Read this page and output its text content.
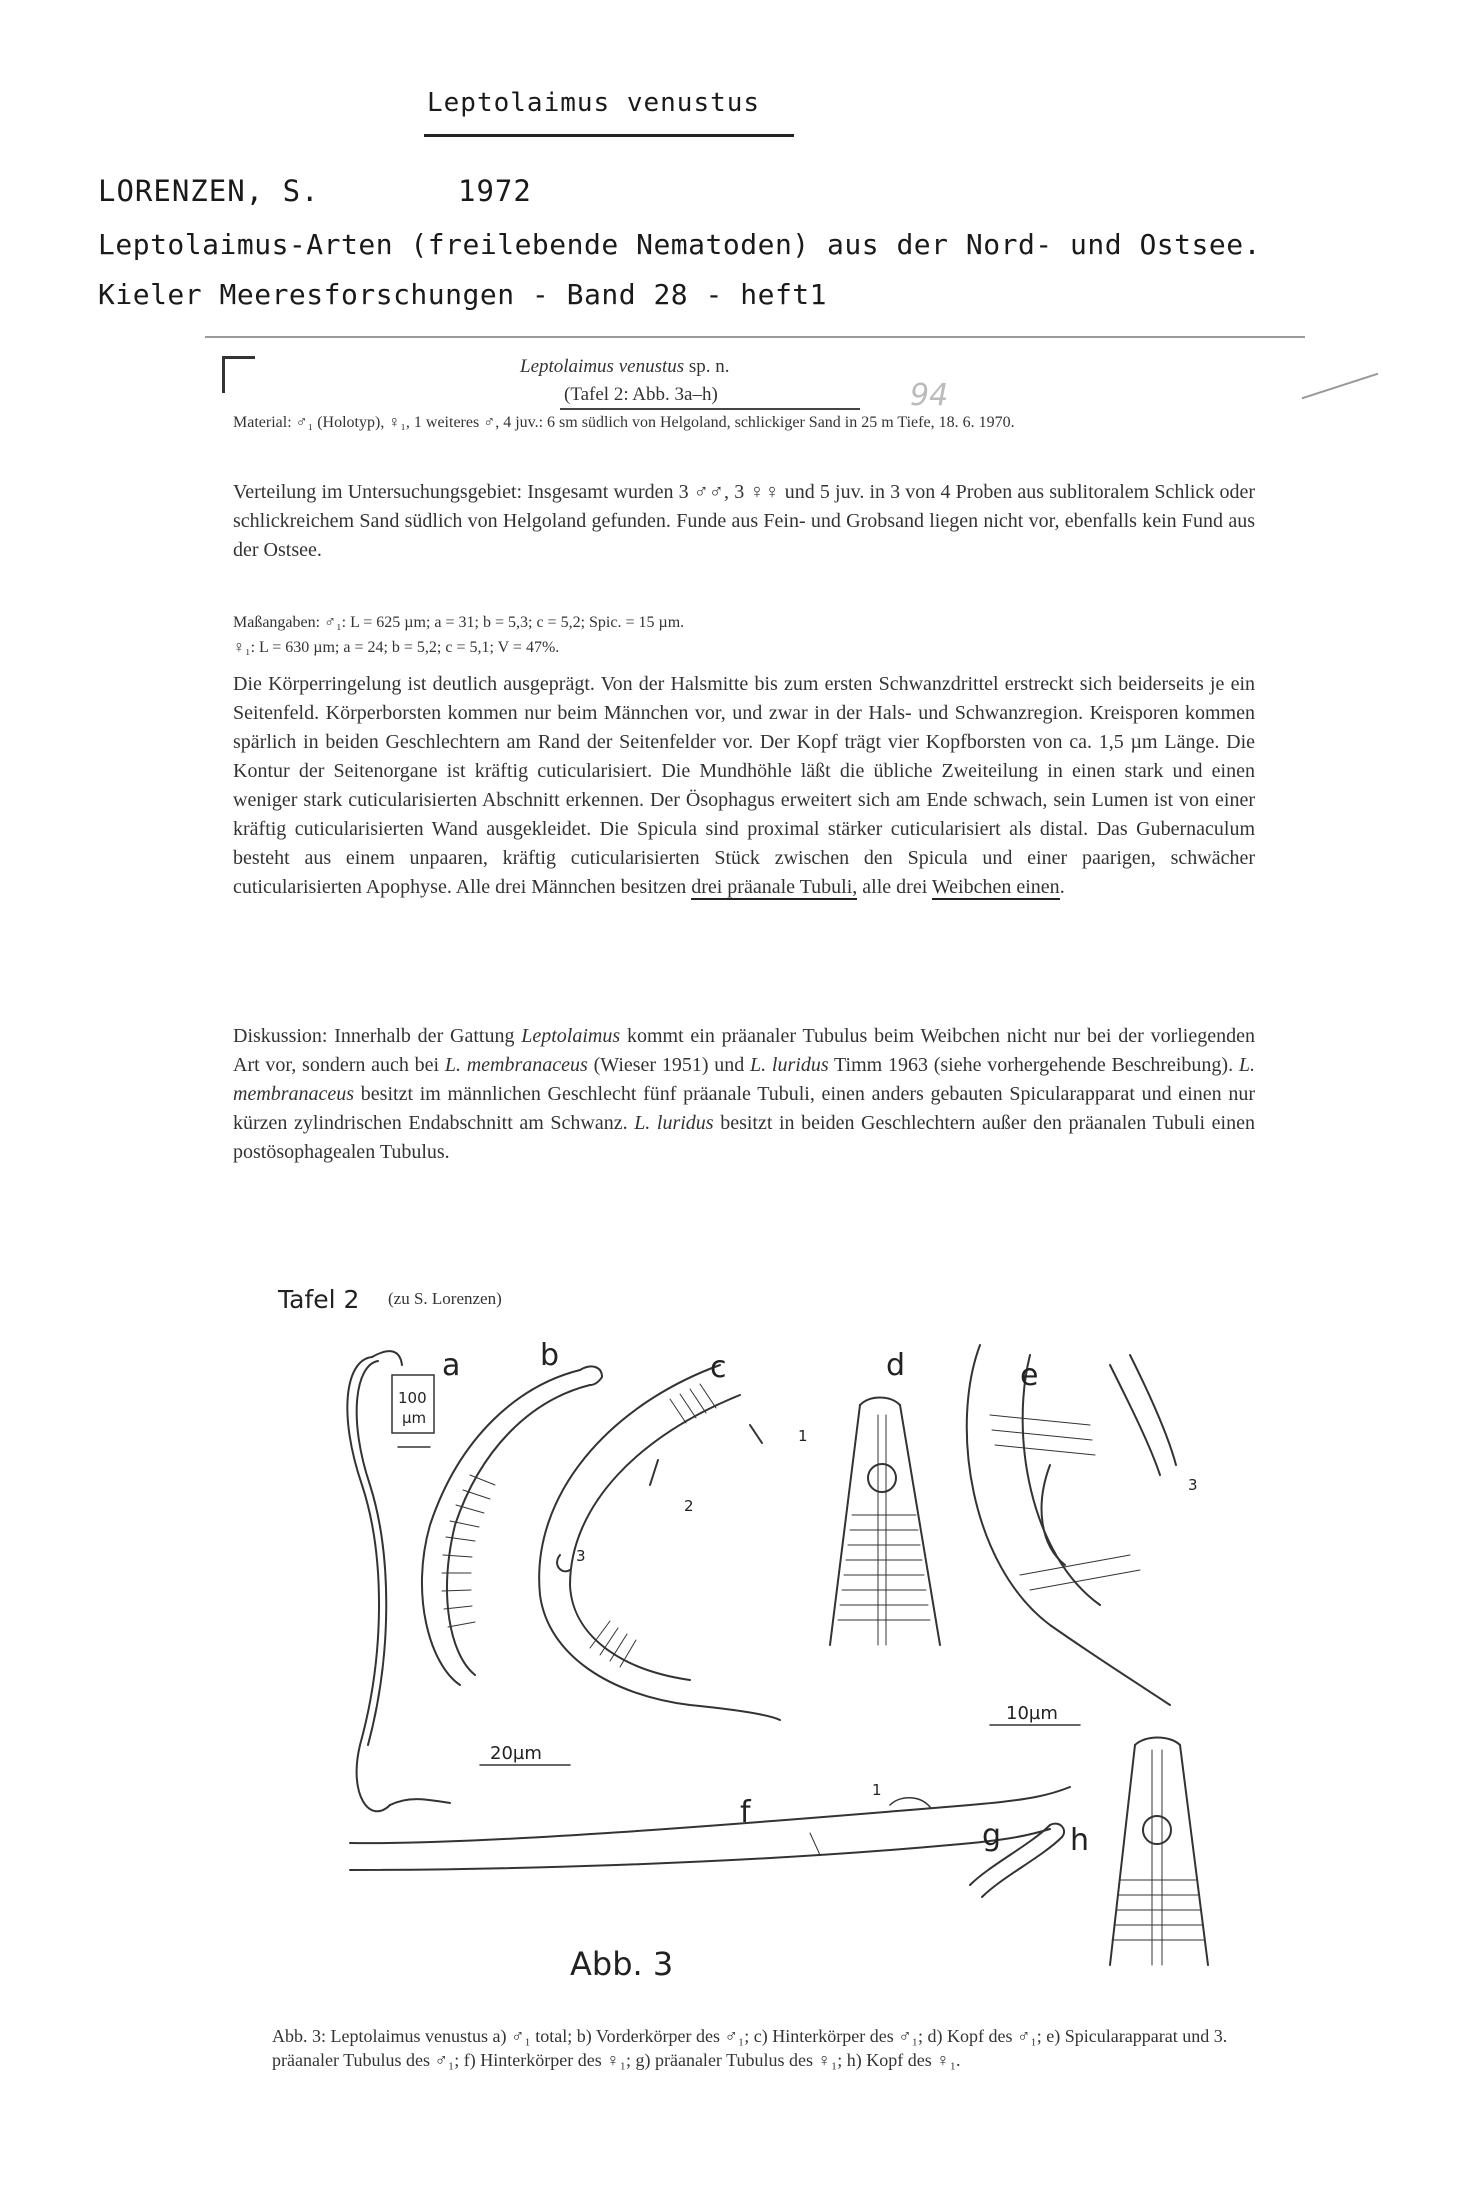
Leptolaimus venustus
LORENZEN, S.	1972
Leptolaimus-Arten (freilebende Nematoden) aus der Nord- und Ostsee.
Kieler Meeresforschungen - Band 28 - heft1
Leptolaimus venustus sp. n.
(Tafel 2: Abb. 3a–h)	94
Material: ♂₁ (Holotyp), ♀₁, 1 weiteres ♂, 4 juv.: 6 sm südlich von Helgoland, schlickiger Sand in 25 m Tiefe, 18. 6. 1970.
Verteilung im Untersuchungsgebiet: Insgesamt wurden 3 ♂♂, 3 ♀♀ und 5 juv. in 3 von 4 Proben aus sublitoralem Schlick oder schlickreichem Sand südlich von Helgoland gefunden. Funde aus Fein- und Grobsand liegen nicht vor, ebenfalls kein Fund aus der Ostsee.
Maßangaben: ♂₁: L = 625 µm; a = 31; b = 5,3; c = 5,2; Spic. = 15 µm.
♀₁: L = 630 µm; a = 24; b = 5,2; c = 5,1; V = 47%.
Die Körperringelung ist deutlich ausgeprägt. Von der Halsmitte bis zum ersten Schwanzdrittel erstreckt sich beiderseits je ein Seitenfeld. Körperborsten kommen nur beim Männchen vor, und zwar in der Hals- und Schwanzregion. Kreisporen kommen spärlich in beiden Geschlechtern am Rand der Seitenfelder vor. Der Kopf trägt vier Kopfborsten von ca. 1,5 µm Länge. Die Kontur der Seitenorgane ist kräftig cuticularisiert. Die Mundhöhle läßt die übliche Zweiteilung in einen stark und einen weniger stark cuticularisierten Abschnitt erkennen. Der Ösophagus erweitert sich am Ende schwach, sein Lumen ist von einer kräftig cuticularisierten Wand ausgekleidet. Die Spicula sind proximal stärker cuticularisiert als distal. Das Gubernaculum besteht aus einem unpaaren, kräftig cuticularisierten Stück zwischen den Spicula und einer paarigen, schwächer cuticularisierten Apophyse. Alle drei Männchen besitzen drei präanale Tubuli, alle drei Weibchen einen.
Diskussion: Innerhalb der Gattung Leptolaimus kommt ein präanaler Tubulus beim Weibchen nicht nur bei der vorliegenden Art vor, sondern auch bei L. membranaceus (Wieser 1951) und L. luridus Timm 1963 (siehe vorhergehende Beschreibung). L. membranaceus besitzt im männlichen Geschlecht fünf präanale Tubuli, einen anders gebauten Spicularapparat und einen nur kürzen zylindrischen Endabschnitt am Schwanz. L. luridus besitzt in beiden Geschlechtern außer den präanalen Tubuli einen postösophagealen Tubulus.
Tafel 2 (zu S. Lorenzen)
a
100
µm
b	c
1
2
3
d	e
3
20µm
10µm
f
1
g h
Abb. 3
Abb. 3: Leptolaimus venustus a) ♂₁ total; b) Vorderkörper des ♂₁; c) Hinterkörper des ♂₁; d) Kopf des ♂₁; e) Spicularapparat und 3. präanaler Tubulus des ♂₁; f) Hinterkörper des ♀₁; g) präanaler Tubulus des ♀₁; h) Kopf des ♀₁.
